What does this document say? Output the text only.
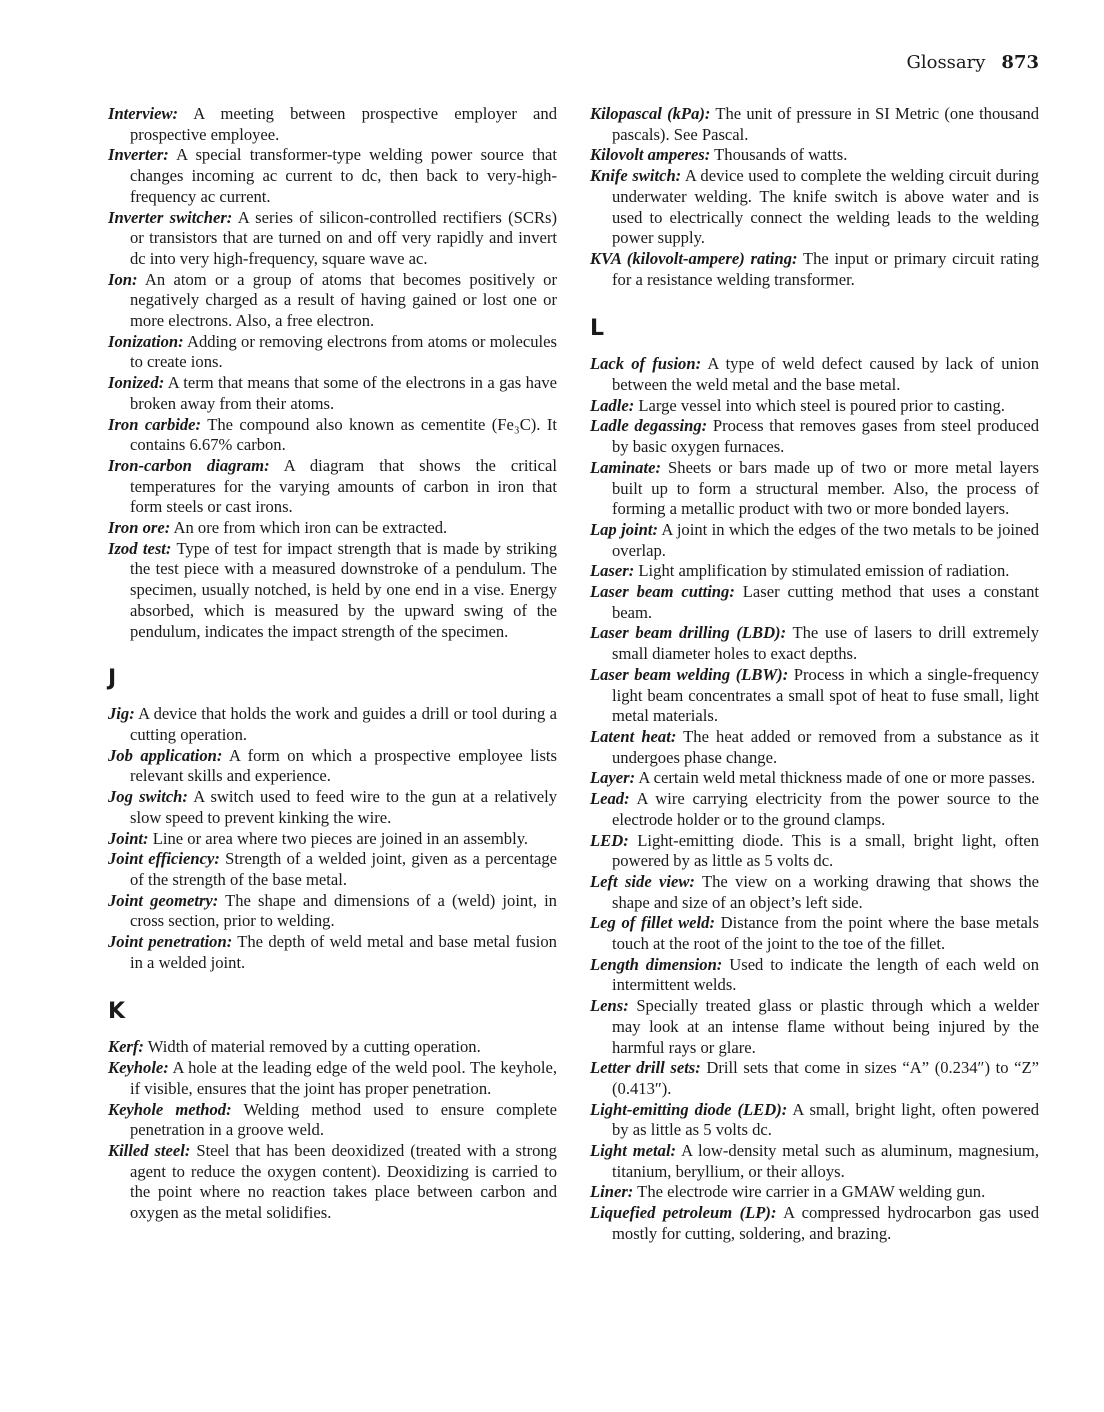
Glossary 873

Interview: A meeting between prospective employer and prospective employee.

Inverter: A special transformer-type welding power source that changes incoming ac current to dc, then back to very-high-frequency ac current.

Inverter switcher: A series of silicon-controlled rectifiers (SCRs) or transistors that are turned on and off very rapidly and invert dc into very high-frequency, square wave ac.

Ion: An atom or a group of atoms that becomes positively or negatively charged as a result of having gained or lost one or more electrons. Also, a free electron.

Ionization: Adding or removing electrons from atoms or molecules to create ions.

Ionized: A term that means that some of the electrons in a gas have broken away from their atoms.

Iron carbide: The compound also known as cementite (Fe₃C). It contains 6.67% carbon.

Iron-carbon diagram: A diagram that shows the critical temperatures for the varying amounts of carbon in iron that form steels or cast irons.

Iron ore: An ore from which iron can be extracted.

Izod test: Type of test for impact strength that is made by striking the test piece with a measured downstroke of a pendulum. The specimen, usually notched, is held by one end in a vise. Energy absorbed, which is measured by the upward swing of the pendulum, indicates the impact strength of the specimen.

J

Jig: A device that holds the work and guides a drill or tool during a cutting operation.

Job application: A form on which a prospective employee lists relevant skills and experience.

Jog switch: A switch used to feed wire to the gun at a relatively slow speed to prevent kinking the wire.

Joint: Line or area where two pieces are joined in an assembly.

Joint efficiency: Strength of a welded joint, given as a percentage of the strength of the base metal.

Joint geometry: The shape and dimensions of a (weld) joint, in cross section, prior to welding.

Joint penetration: The depth of weld metal and base metal fusion in a welded joint.

K

Kerf: Width of material removed by a cutting operation.

Keyhole: A hole at the leading edge of the weld pool. The keyhole, if visible, ensures that the joint has proper penetration.

Keyhole method: Welding method used to ensure complete penetration in a groove weld.

Killed steel: Steel that has been deoxidized (treated with a strong agent to reduce the oxygen content). Deoxidizing is carried to the point where no reaction takes place between carbon and oxygen as the metal solidifies.

Kilopascal (kPa): The unit of pressure in SI Metric (one thousand pascals). See Pascal.

Kilovolt amperes: Thousands of watts.

Knife switch: A device used to complete the welding circuit during underwater welding. The knife switch is above water and is used to electrically connect the welding leads to the welding power supply.

KVA (kilovolt-ampere) rating: The input or primary circuit rating for a resistance welding transformer.

L

Lack of fusion: A type of weld defect caused by lack of union between the weld metal and the base metal.

Ladle: Large vessel into which steel is poured prior to casting.

Ladle degassing: Process that removes gases from steel produced by basic oxygen furnaces.

Laminate: Sheets or bars made up of two or more metal layers built up to form a structural member. Also, the process of forming a metallic product with two or more bonded layers.

Lap joint: A joint in which the edges of the two metals to be joined overlap.

Laser: Light amplification by stimulated emission of radiation.

Laser beam cutting: Laser cutting method that uses a constant beam.

Laser beam drilling (LBD): The use of lasers to drill extremely small diameter holes to exact depths.

Laser beam welding (LBW): Process in which a single-frequency light beam concentrates a small spot of heat to fuse small, light metal materials.

Latent heat: The heat added or removed from a substance as it undergoes phase change.

Layer: A certain weld metal thickness made of one or more passes.

Lead: A wire carrying electricity from the power source to the electrode holder or to the ground clamps.

LED: Light-emitting diode. This is a small, bright light, often powered by as little as 5 volts dc.

Left side view: The view on a working drawing that shows the shape and size of an object’s left side.

Leg of fillet weld: Distance from the point where the base metals touch at the root of the joint to the toe of the fillet.

Length dimension: Used to indicate the length of each weld on intermittent welds.

Lens: Specially treated glass or plastic through which a welder may look at an intense flame without being injured by the harmful rays or glare.

Letter drill sets: Drill sets that come in sizes “A” (0.234″) to “Z” (0.413″).

Light-emitting diode (LED): A small, bright light, often powered by as little as 5 volts dc.

Light metal: A low-density metal such as aluminum, magnesium, titanium, beryllium, or their alloys.

Liner: The electrode wire carrier in a GMAW welding gun.

Liquefied petroleum (LP): A compressed hydrocarbon gas used mostly for cutting, soldering, and brazing.
